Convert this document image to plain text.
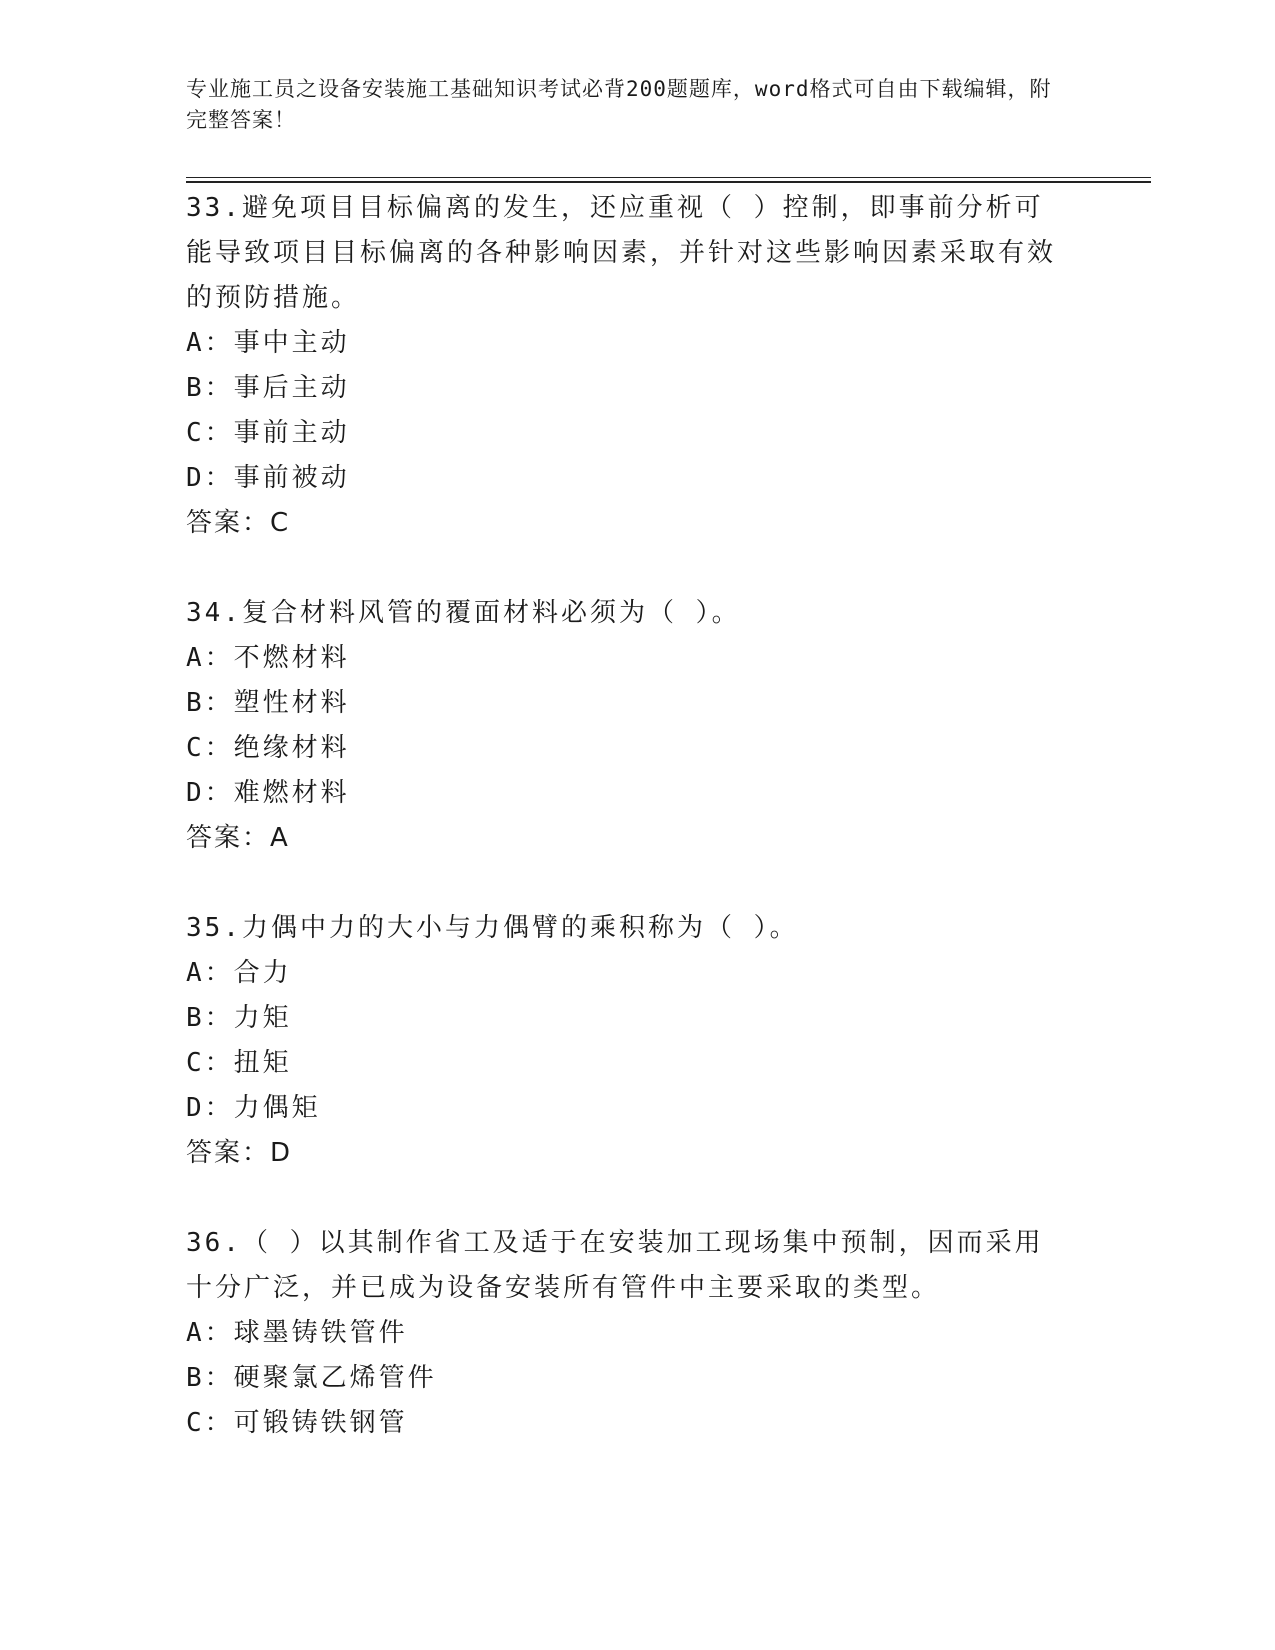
专业施工员之设备安装施工基础知识考试必背200题题库，word格式可自由下载编辑，附完整答案！
33.避免项目目标偏离的发生，还应重视（ ）控制，即事前分析可能导致项目目标偏离的各种影响因素，并针对这些影响因素采取有效的预防措施。
A：事中主动
B：事后主动
C：事前主动
D：事前被动
答案：C
34.复合材料风管的覆面材料必须为（ ）。
A：不燃材料
B：塑性材料
C：绝缘材料
D：难燃材料
答案：A
35.力偶中力的大小与力偶臂的乘积称为（ ）。
A：合力
B：力矩
C：扭矩
D：力偶矩
答案：D
36.（ ）以其制作省工及适于在安装加工现场集中预制，因而采用十分广泛，并已成为设备安装所有管件中主要采取的类型。
A：球墨铸铁管件
B：硬聚氯乙烯管件
C：可锻铸铁钢管
